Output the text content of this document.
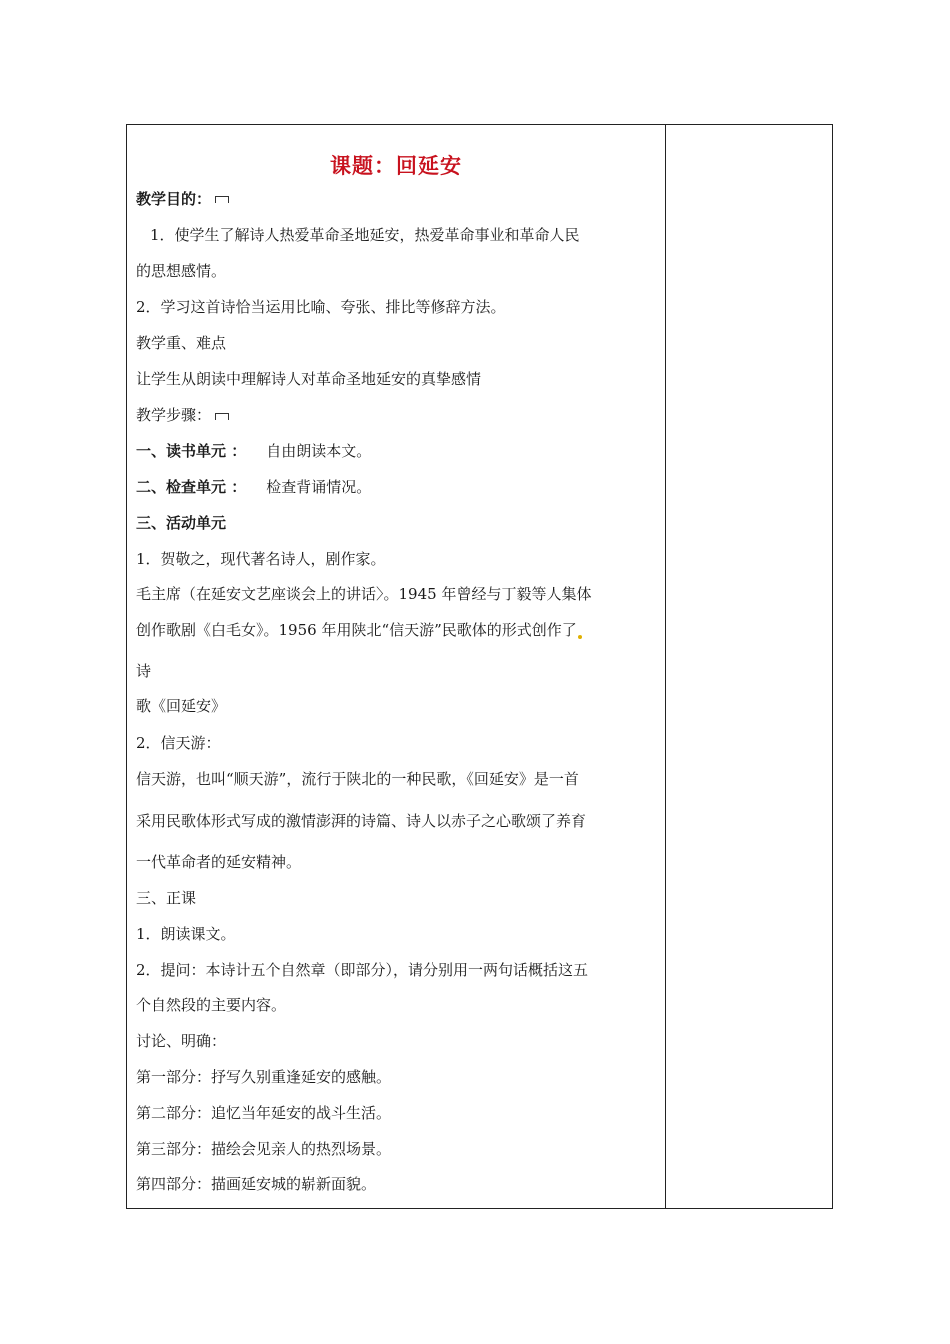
课题：回延安
教学目的：
1．使学生了解诗人热爱革命圣地延安，热爱革命事业和革命人民
的思想感情。
2．学习这首诗恰当运用比喻、夸张、排比等修辞方法。
教学重、难点
让学生从朗读中理解诗人对革命圣地延安的真挚感情
教学步骤：
一、读书单元 ： 自由朗读本文。
二、检查单元 ： 检查背诵情况。
三、活动单元
1．贺敬之，现代著名诗人，剧作家。
毛主席（在延安文艺座谈会上的讲话〉。1945 年曾经与丁毅等人集体
创作歌剧《白毛女》。1956 年用陕北“信天游”民歌体的形式创作了
诗
歌《回延安》
2．信天游：
信天游，也叫“顺天游”，流行于陕北的一种民歌，《回延安》是一首
采用民歌体形式写成的激情澎湃的诗篇、诗人以赤子之心歌颂了养育
一代革命者的延安精神。
三、正课
1．朗读课文。
2．提问：本诗计五个自然章（即部分），请分别用一两句话概括这五
个自然段的主要内容。
讨论、明确：
第一部分：抒写久别重逢延安的感触。
第二部分：追忆当年延安的战斗生活。
第三部分：描绘会见亲人的热烈场景。
第四部分：描画延安城的崭新面貌。
